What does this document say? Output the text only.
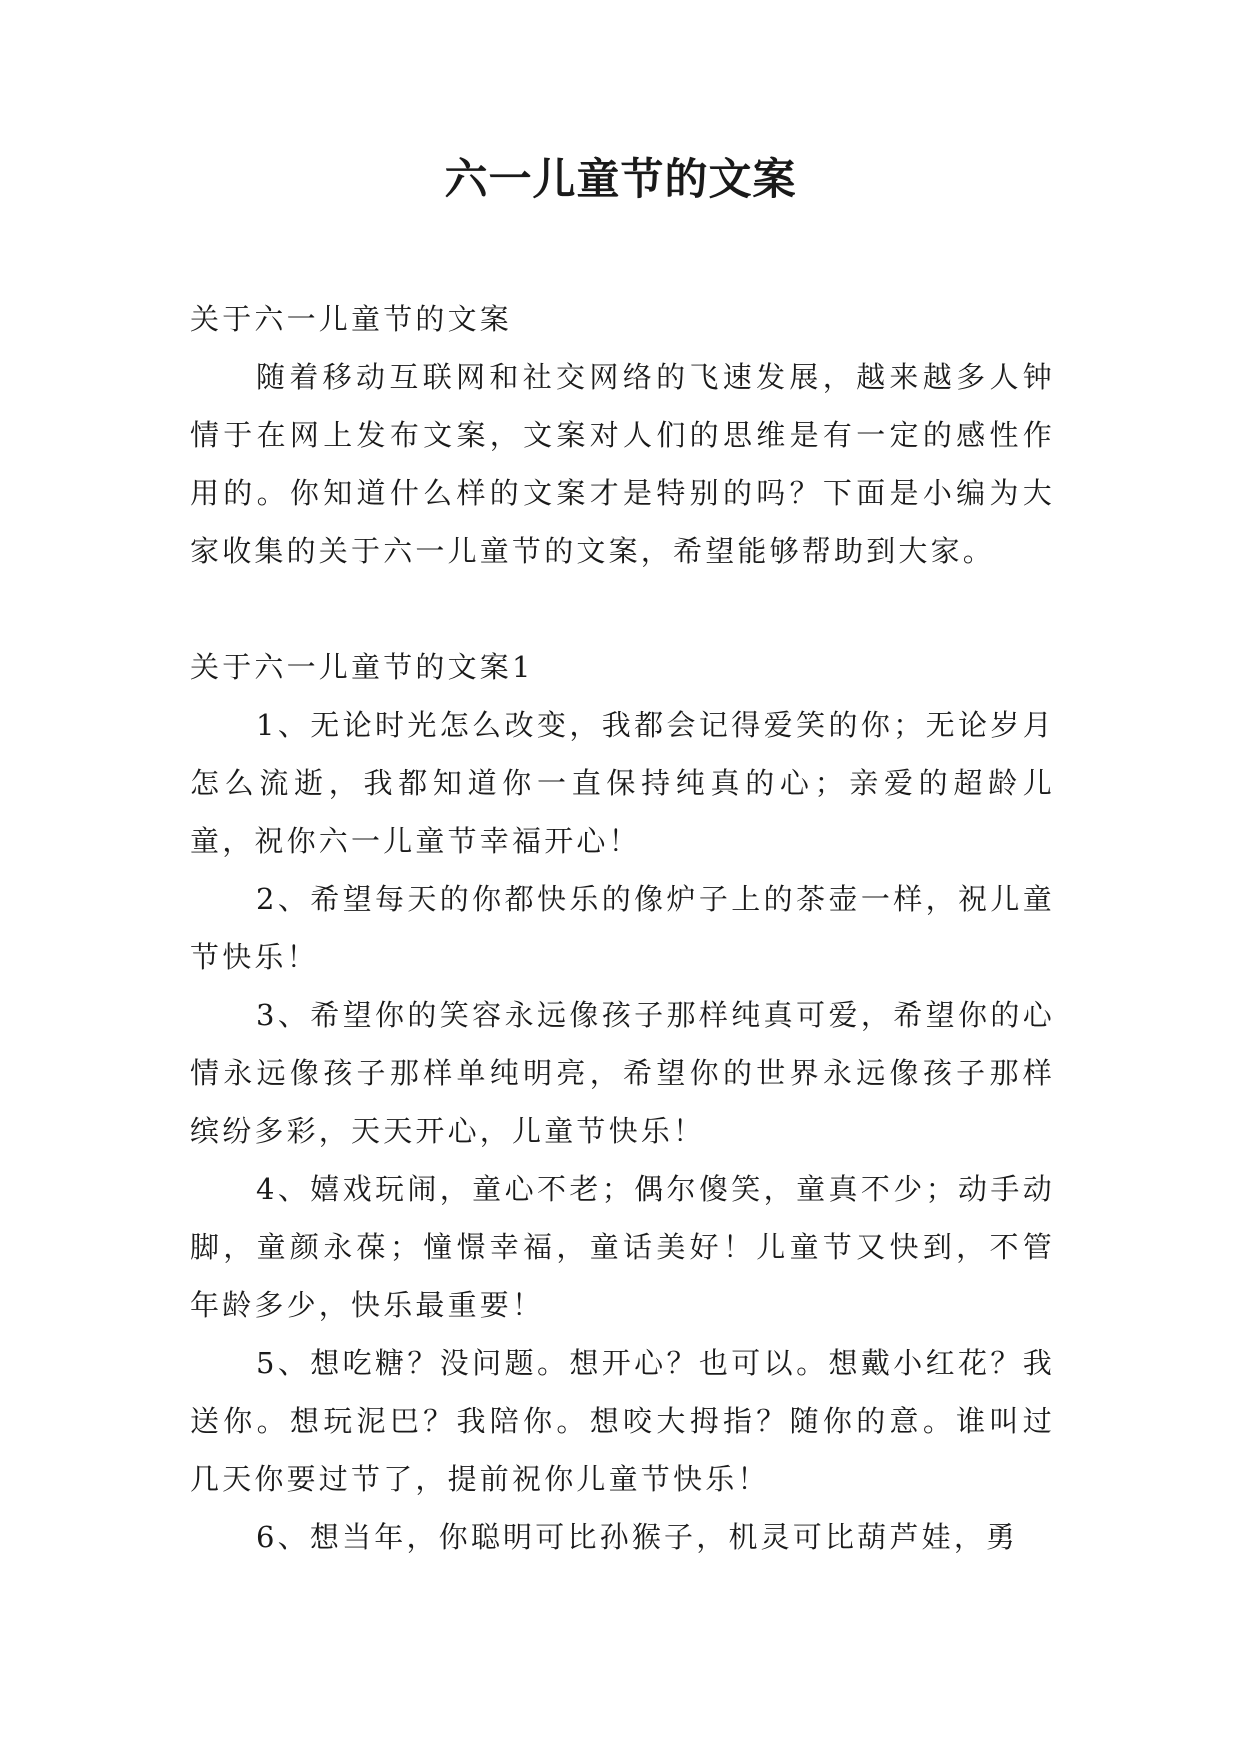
六一儿童节的文案

关于六一儿童节的文案

随着移动互联网和社交网络的飞速发展，越来越多人钟情于在网上发布文案，文案对人们的思维是有一定的感性作用的。你知道什么样的文案才是特别的吗？下面是小编为大家收集的关于六一儿童节的文案，希望能够帮助到大家。

关于六一儿童节的文案1

1、无论时光怎么改变，我都会记得爱笑的你；无论岁月怎么流逝，我都知道你一直保持纯真的心；亲爱的超龄儿童，祝你六一儿童节幸福开心！

2、希望每天的你都快乐的像炉子上的茶壶一样，祝儿童节快乐！

3、希望你的笑容永远像孩子那样纯真可爱，希望你的心情永远像孩子那样单纯明亮，希望你的世界永远像孩子那样缤纷多彩，天天开心，儿童节快乐！

4、嬉戏玩闹，童心不老；偶尔傻笑，童真不少；动手动脚，童颜永葆；憧憬幸福，童话美好！儿童节又快到，不管年龄多少，快乐最重要！

5、想吃糖？没问题。想开心？也可以。想戴小红花？我送你。想玩泥巴？我陪你。想咬大拇指？随你的意。谁叫过几天你要过节了，提前祝你儿童节快乐！

6、想当年，你聪明可比孙猴子，机灵可比葫芦娃，勇
